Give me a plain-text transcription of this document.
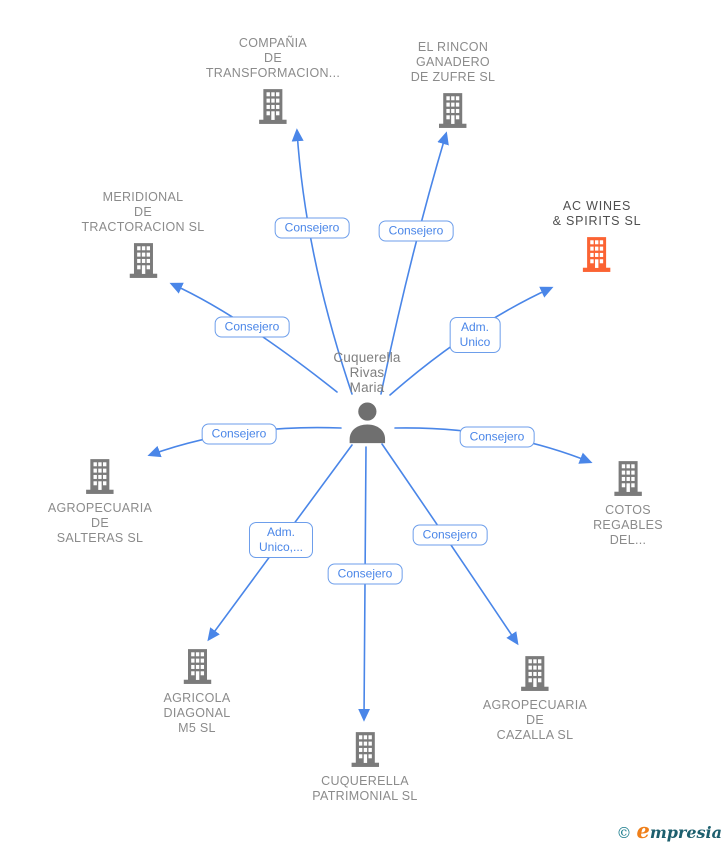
COMPAÑIA
DE
TRANSFORMACION...
EL RINCON
GANADERO
DE ZUFRE SL
MERIDIONAL
DE
TRACTORACION SL
AC WINES
& SPIRITS SL
Cuquerella
Rivas
Maria
AGROPECUARIA
DE
SALTERAS SL
COTOS
REGABLES
DEL...
AGRICOLA
DIAGONAL
M5 SL
CUQUERELLA
PATRIMONIAL SL
AGROPECUARIA
DE
CAZALLA SL
Consejero	Consejero
Consejero	Adm.
Unico
Consejero	Consejero
Adm.
Unico,...
Consejero
Consejero
© empresia
